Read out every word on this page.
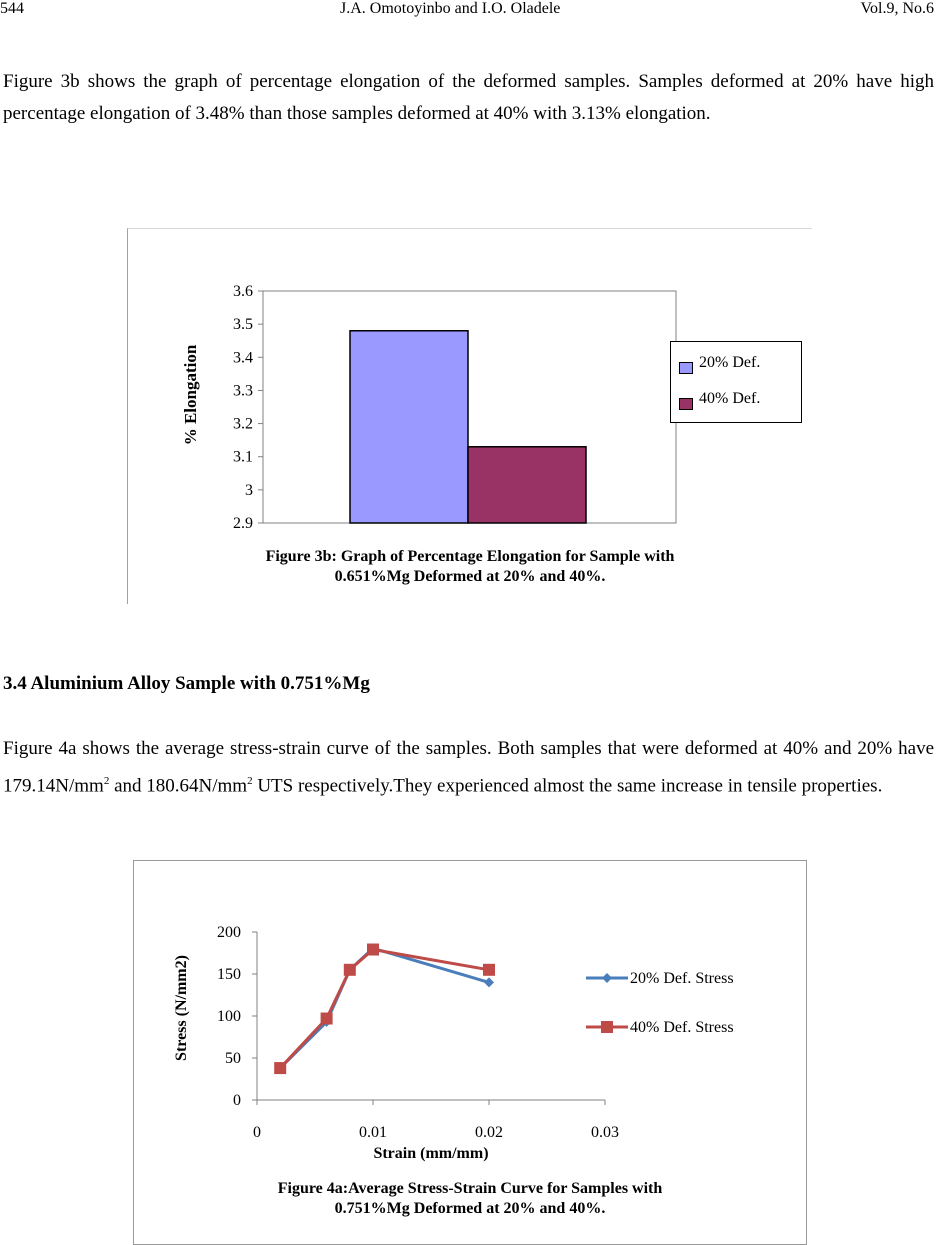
544	J.A. Omotoyinbo and I.O. Oladele	Vol.9, No.6

Figure 3b shows the graph of percentage elongation of the deformed samples. Samples deformed at 20% have high percentage elongation of 3.48% than those samples deformed at 40% with 3.13% elongation.

2.9
3
3.1
3.2
3.3
3.4
3.5
3.6
% Elongation	20% Def.
40% Def.
Figure 3b: Graph of Percentage Elongation for Sample with
0.651%Mg Deformed at 20% and 40%.

3.4 Aluminium Alloy Sample with 0.751%Mg

Figure 4a shows the average stress-strain curve of the samples. Both samples that were deformed at 40% and 20% have $179.14N/mm^2$ and $180.64N/mm^2$ UTS respectively.They experienced almost the same increase in tensile properties.

0
50
100
150
200
0	0.01	0.02	0.03
Strain (mm/mm)
Stress (N/mm2)	20% Def. Stress
40% Def. Stress
Figure 4a:Average Stress-Strain Curve for Samples with
0.751%Mg Deformed at 20% and 40%.
